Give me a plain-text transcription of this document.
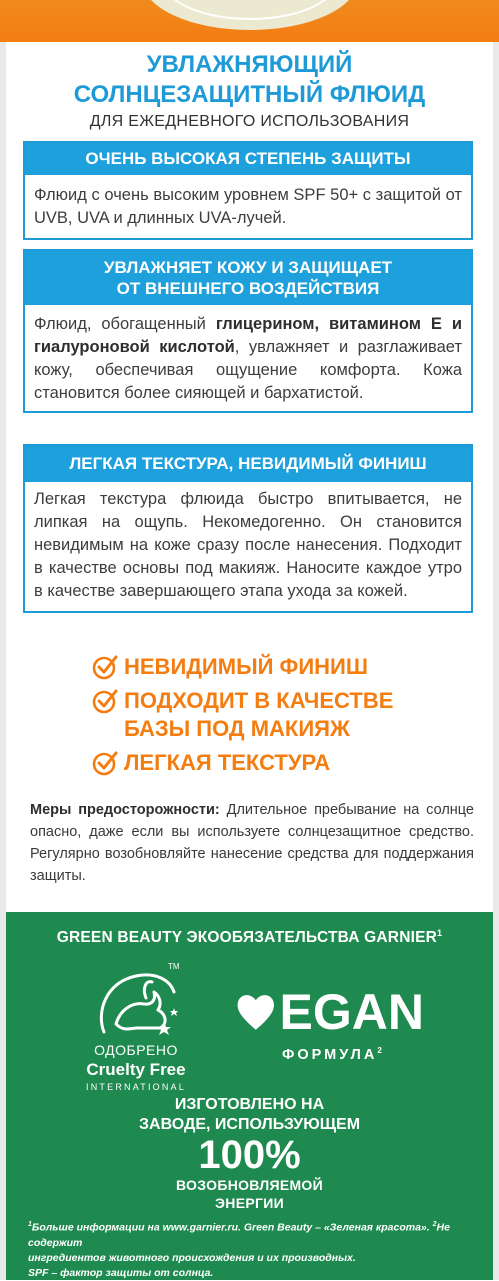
УВЛАЖНЯЮЩИЙ
СОЛНЦЕЗАЩИТНЫЙ ФЛЮИД
ДЛЯ ЕЖЕДНЕВНОГО ИСПОЛЬЗОВАНИЯ
ОЧЕНЬ ВЫСОКАЯ СТЕПЕНЬ ЗАЩИТЫ
Флюид с очень высоким уровнем SPF 50+ с защитой от UVB, UVA и длинных UVA-лучей.
УВЛАЖНЯЕТ КОЖУ И ЗАЩИЩАЕТ
ОТ ВНЕШНЕГО ВОЗДЕЙСТВИЯ
Флюид, обогащенный глицерином, витамином Е и гиалуроновой кислотой, увлажняет и разглаживает кожу, обеспечивая ощущение комфорта. Кожа становится более сияющей и бархатистой.
ЛЕГКАЯ ТЕКСТУРА, НЕВИДИМЫЙ ФИНИШ
Легкая текстура флюида быстро впитывается, не липкая на ощупь. Некомедогенно. Он становится невидимым на коже сразу после нанесения. Подходит в качестве основы под макияж. Наносите каждое утро в качестве завершающего этапа ухода за кожей.
НЕВИДИМЫЙ ФИНИШ
ПОДХОДИТ В КАЧЕСТВЕ
БАЗЫ ПОД МАКИЯЖ
ЛЕГКАЯ ТЕКСТУРА
Меры предосторожности: Длительное пребывание на солнце опасно, даже если вы используете солнцезащитное средство. Регулярно возобновляйте нанесение средства для поддержания защиты.
GREEN BEAUTY ЭКООБЯЗАТЕЛЬСТВА GARNIER$^1$
TM
ОДОБРЕНО
Cruelty Free
INTERNATIONAL
EGAN
ФОРМУЛА$^2$
ИЗГОТОВЛЕНО НА
ЗАВОДЕ, ИСПОЛЬЗУЮЩЕМ
100%
ВОЗОБНОВЛЯЕМОЙ
ЭНЕРГИИ
$^1$Больше информации на www.garnier.ru. Green Beauty – «Зеленая красота». $^2$Не содержит
ингредиентов животного происхождения и их производных.
SPF – фактор защиты от солнца.
